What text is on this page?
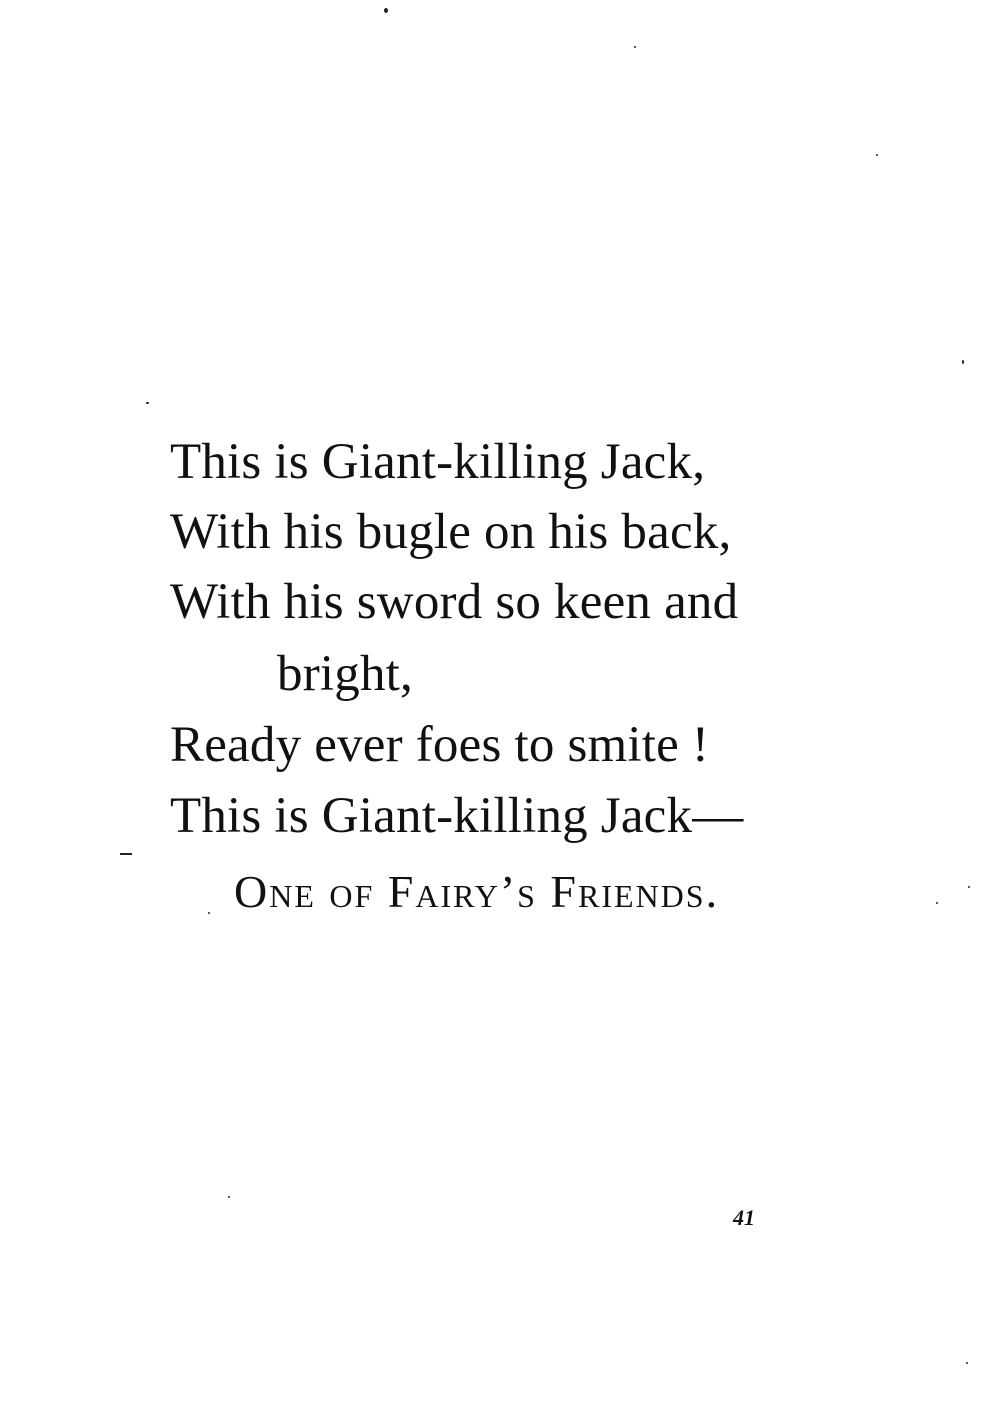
This is Giant-killing Jack,
With his bugle on his back,
With his sword so keen and
bright,
Ready ever foes to smite !
This is Giant-killing Jack—
One of Fairy’s Friends.
41
